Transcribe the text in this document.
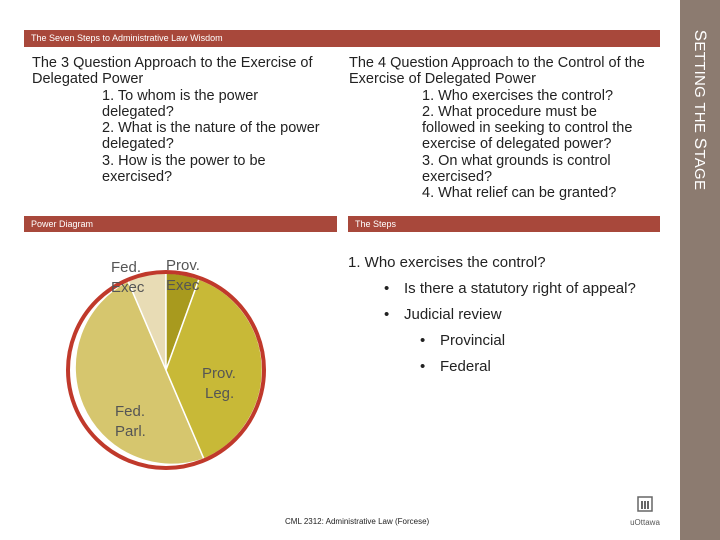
The Seven Steps to Administrative Law Wisdom	SETTING THE STAGE
The 3 Question Approach to the Exercise of
Delegated Power
1. To whom is the power
delegated?
2. What is the nature of the power
delegated?
3. How is the power to be
exercised?
The 4 Question Approach to the Control of the
Exercise of Delegated Power
1. Who exercises the control?
2. What procedure must be
followed in seeking to control the
exercise of delegated power?
3. On what grounds is control
exercised?
4. What relief can be granted?
Power Diagram	The Steps
Fed.
Exec
Prov.
Exec
Prov.
Leg.
Fed.
Parl.
1. Who exercises the control?
• Is there a statutory right of appeal?
• Judicial review
• Provincial
• Federal
CML 2312: Administrative Law (Forcese)	uOttawa
